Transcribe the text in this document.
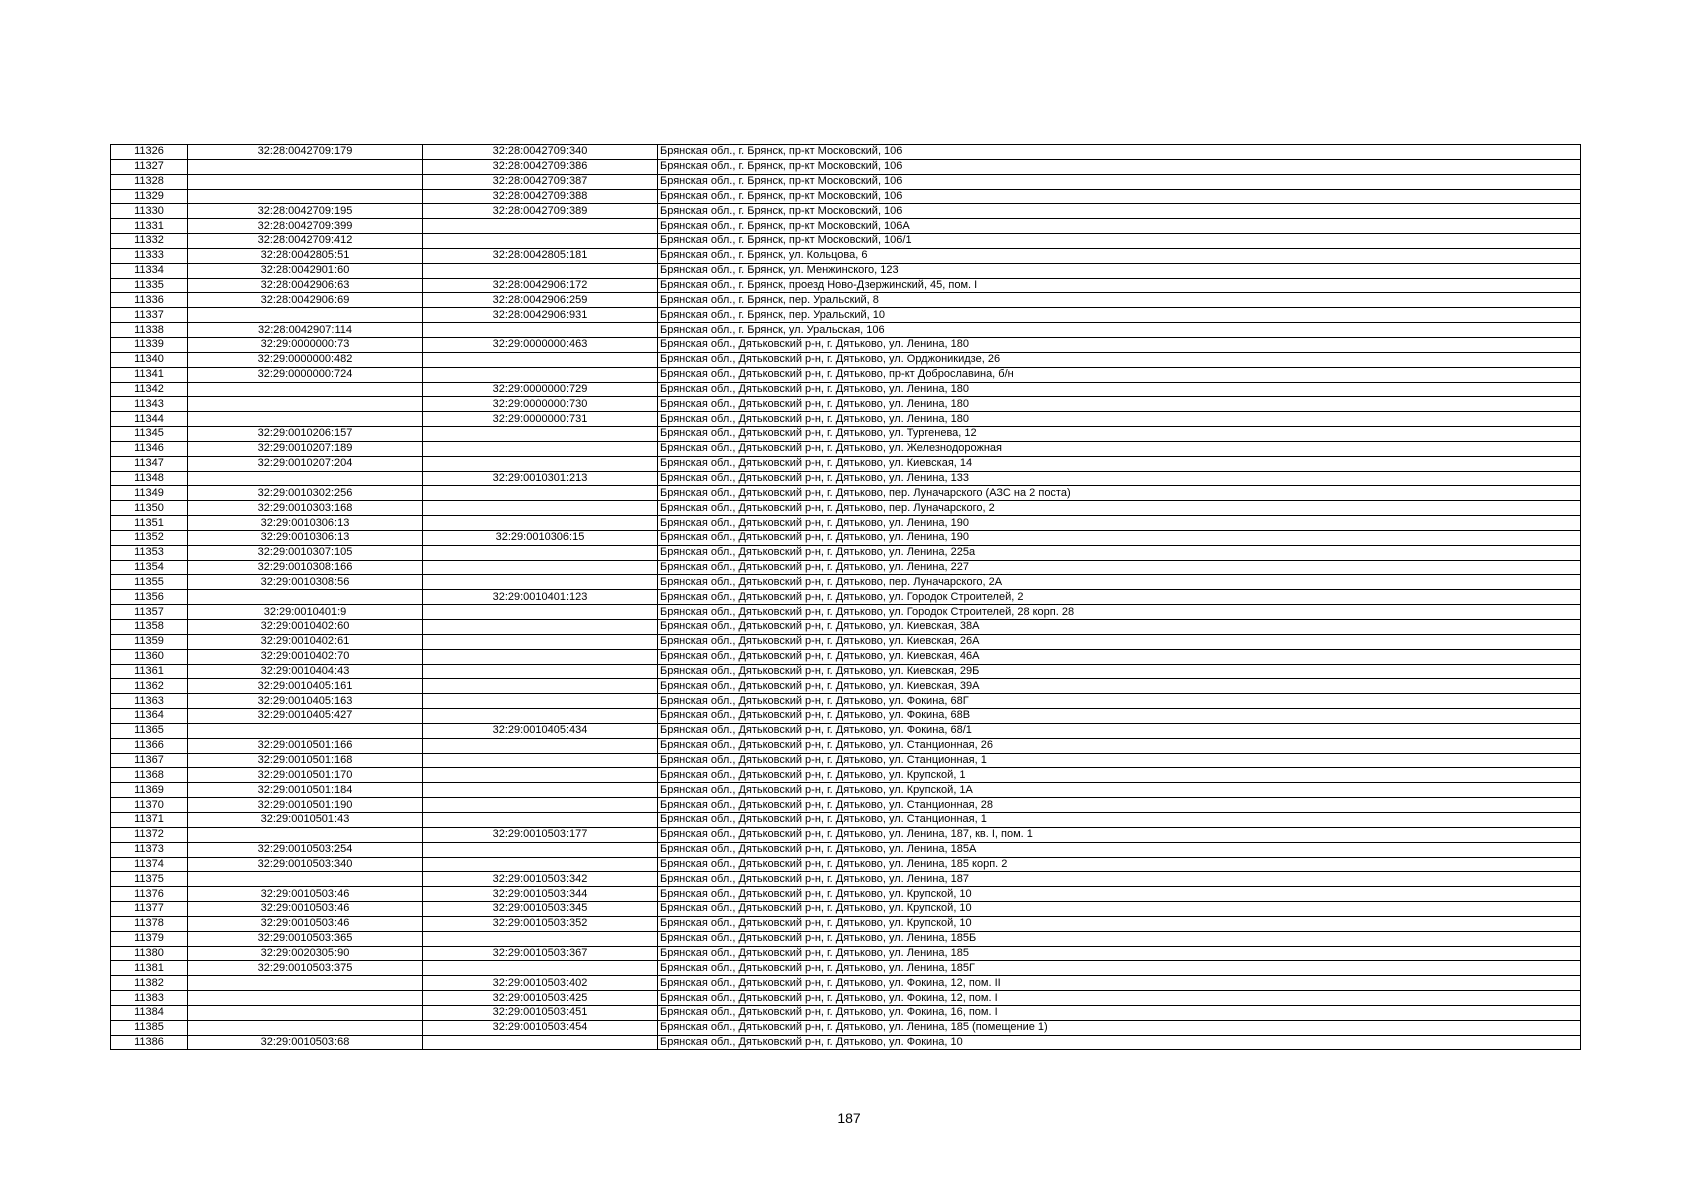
11326	32:28:0042709:179	32:28:0042709:340	Брянская обл., г. Брянск, пр-кт Московский, 106
11327		32:28:0042709:386	Брянская обл., г. Брянск, пр-кт Московский, 106
11328		32:28:0042709:387	Брянская обл., г. Брянск, пр-кт Московский, 106
11329		32:28:0042709:388	Брянская обл., г. Брянск, пр-кт Московский, 106
11330	32:28:0042709:195	32:28:0042709:389	Брянская обл., г. Брянск, пр-кт Московский, 106
11331	32:28:0042709:399		Брянская обл., г. Брянск, пр-кт Московский, 106А
11332	32:28:0042709:412		Брянская обл., г. Брянск, пр-кт Московский, 106/1
11333	32:28:0042805:51	32:28:0042805:181	Брянская обл., г. Брянск, ул. Кольцова, 6
11334	32:28:0042901:60		Брянская обл., г. Брянск, ул. Менжинского, 123
11335	32:28:0042906:63	32:28:0042906:172	Брянская обл., г. Брянск, проезд Ново-Дзержинский, 45, пом. I
11336	32:28:0042906:69	32:28:0042906:259	Брянская обл., г. Брянск, пер. Уральский, 8
11337		32:28:0042906:931	Брянская обл., г. Брянск, пер. Уральский, 10
11338	32:28:0042907:114		Брянская обл., г. Брянск, ул. Уральская, 106
11339	32:29:0000000:73	32:29:0000000:463	Брянская обл., Дятьковский р-н, г. Дятьково, ул. Ленина, 180
11340	32:29:0000000:482		Брянская обл., Дятьковский р-н, г. Дятьково, ул. Орджоникидзе, 26
11341	32:29:0000000:724		Брянская обл., Дятьковский р-н, г. Дятьково, пр-кт Доброславина, б/н
11342		32:29:0000000:729	Брянская обл., Дятьковский р-н, г. Дятьково, ул. Ленина, 180
11343		32:29:0000000:730	Брянская обл., Дятьковский р-н, г. Дятьково, ул. Ленина, 180
11344		32:29:0000000:731	Брянская обл., Дятьковский р-н, г. Дятьково, ул. Ленина, 180
11345	32:29:0010206:157		Брянская обл., Дятьковский р-н, г. Дятьково, ул. Тургенева, 12
11346	32:29:0010207:189		Брянская обл., Дятьковский р-н, г. Дятьково, ул. Железнодорожная
11347	32:29:0010207:204		Брянская обл., Дятьковский р-н, г. Дятьково, ул. Киевская, 14
11348		32:29:0010301:213	Брянская обл., Дятьковский р-н, г. Дятьково, ул. Ленина, 133
11349	32:29:0010302:256		Брянская обл., Дятьковский р-н, г. Дятьково, пер. Луначарского (АЗС на 2 поста)
11350	32:29:0010303:168		Брянская обл., Дятьковский р-н, г. Дятьково, пер. Луначарского, 2
11351	32:29:0010306:13		Брянская обл., Дятьковский р-н, г. Дятьково, ул. Ленина, 190
11352	32:29:0010306:13	32:29:0010306:15	Брянская обл., Дятьковский р-н, г. Дятьково, ул. Ленина, 190
11353	32:29:0010307:105		Брянская обл., Дятьковский р-н, г. Дятьково, ул. Ленина, 225а
11354	32:29:0010308:166		Брянская обл., Дятьковский р-н, г. Дятьково, ул. Ленина, 227
11355	32:29:0010308:56		Брянская обл., Дятьковский р-н, г. Дятьково, пер. Луначарского, 2А
11356		32:29:0010401:123	Брянская обл., Дятьковский р-н, г. Дятьково, ул. Городок Строителей, 2
11357	32:29:0010401:9		Брянская обл., Дятьковский р-н, г. Дятьково, ул. Городок Строителей, 28 корп. 28
11358	32:29:0010402:60		Брянская обл., Дятьковский р-н, г. Дятьково, ул. Киевская, 38А
11359	32:29:0010402:61		Брянская обл., Дятьковский р-н, г. Дятьково, ул. Киевская, 26А
11360	32:29:0010402:70		Брянская обл., Дятьковский р-н, г. Дятьково, ул. Киевская, 46А
11361	32:29:0010404:43		Брянская обл., Дятьковский р-н, г. Дятьково, ул. Киевская, 29Б
11362	32:29:0010405:161		Брянская обл., Дятьковский р-н, г. Дятьково, ул. Киевская, 39А
11363	32:29:0010405:163		Брянская обл., Дятьковский р-н, г. Дятьково, ул. Фокина, 68Г
11364	32:29:0010405:427		Брянская обл., Дятьковский р-н, г. Дятьково, ул. Фокина, 68В
11365		32:29:0010405:434	Брянская обл., Дятьковский р-н, г. Дятьково, ул. Фокина, 68/1
11366	32:29:0010501:166		Брянская обл., Дятьковский р-н, г. Дятьково, ул. Станционная, 26
11367	32:29:0010501:168		Брянская обл., Дятьковский р-н, г. Дятьково, ул. Станционная, 1
11368	32:29:0010501:170		Брянская обл., Дятьковский р-н, г. Дятьково, ул. Крупской, 1
11369	32:29:0010501:184		Брянская обл., Дятьковский р-н, г. Дятьково, ул. Крупской, 1А
11370	32:29:0010501:190		Брянская обл., Дятьковский р-н, г. Дятьково, ул. Станционная, 28
11371	32:29:0010501:43		Брянская обл., Дятьковский р-н, г. Дятьково, ул. Станционная, 1
11372		32:29:0010503:177	Брянская обл., Дятьковский р-н, г. Дятьково, ул. Ленина, 187, кв. I, пом. 1
11373	32:29:0010503:254		Брянская обл., Дятьковский р-н, г. Дятьково, ул. Ленина, 185А
11374	32:29:0010503:340		Брянская обл., Дятьковский р-н, г. Дятьково, ул. Ленина, 185 корп. 2
11375		32:29:0010503:342	Брянская обл., Дятьковский р-н, г. Дятьково, ул. Ленина, 187
11376	32:29:0010503:46	32:29:0010503:344	Брянская обл., Дятьковский р-н, г. Дятьково, ул. Крупской, 10
11377	32:29:0010503:46	32:29:0010503:345	Брянская обл., Дятьковский р-н, г. Дятьково, ул. Крупской, 10
11378	32:29:0010503:46	32:29:0010503:352	Брянская обл., Дятьковский р-н, г. Дятьково, ул. Крупской, 10
11379	32:29:0010503:365		Брянская обл., Дятьковский р-н, г. Дятьково, ул. Ленина, 185Б
11380	32:29:0020305:90	32:29:0010503:367	Брянская обл., Дятьковский р-н, г. Дятьково, ул. Ленина, 185
11381	32:29:0010503:375		Брянская обл., Дятьковский р-н, г. Дятьково, ул. Ленина, 185Г
11382		32:29:0010503:402	Брянская обл., Дятьковский р-н, г. Дятьково, ул. Фокина, 12, пом. II
11383		32:29:0010503:425	Брянская обл., Дятьковский р-н, г. Дятьково, ул. Фокина, 12, пом. I
11384		32:29:0010503:451	Брянская обл., Дятьковский р-н, г. Дятьково, ул. Фокина, 16, пом. I
11385		32:29:0010503:454	Брянская обл., Дятьковский р-н, г. Дятьково, ул. Ленина, 185 (помещение 1)
11386	32:29:0010503:68		Брянская обл., Дятьковский р-н, г. Дятьково, ул. Фокина, 10
187
